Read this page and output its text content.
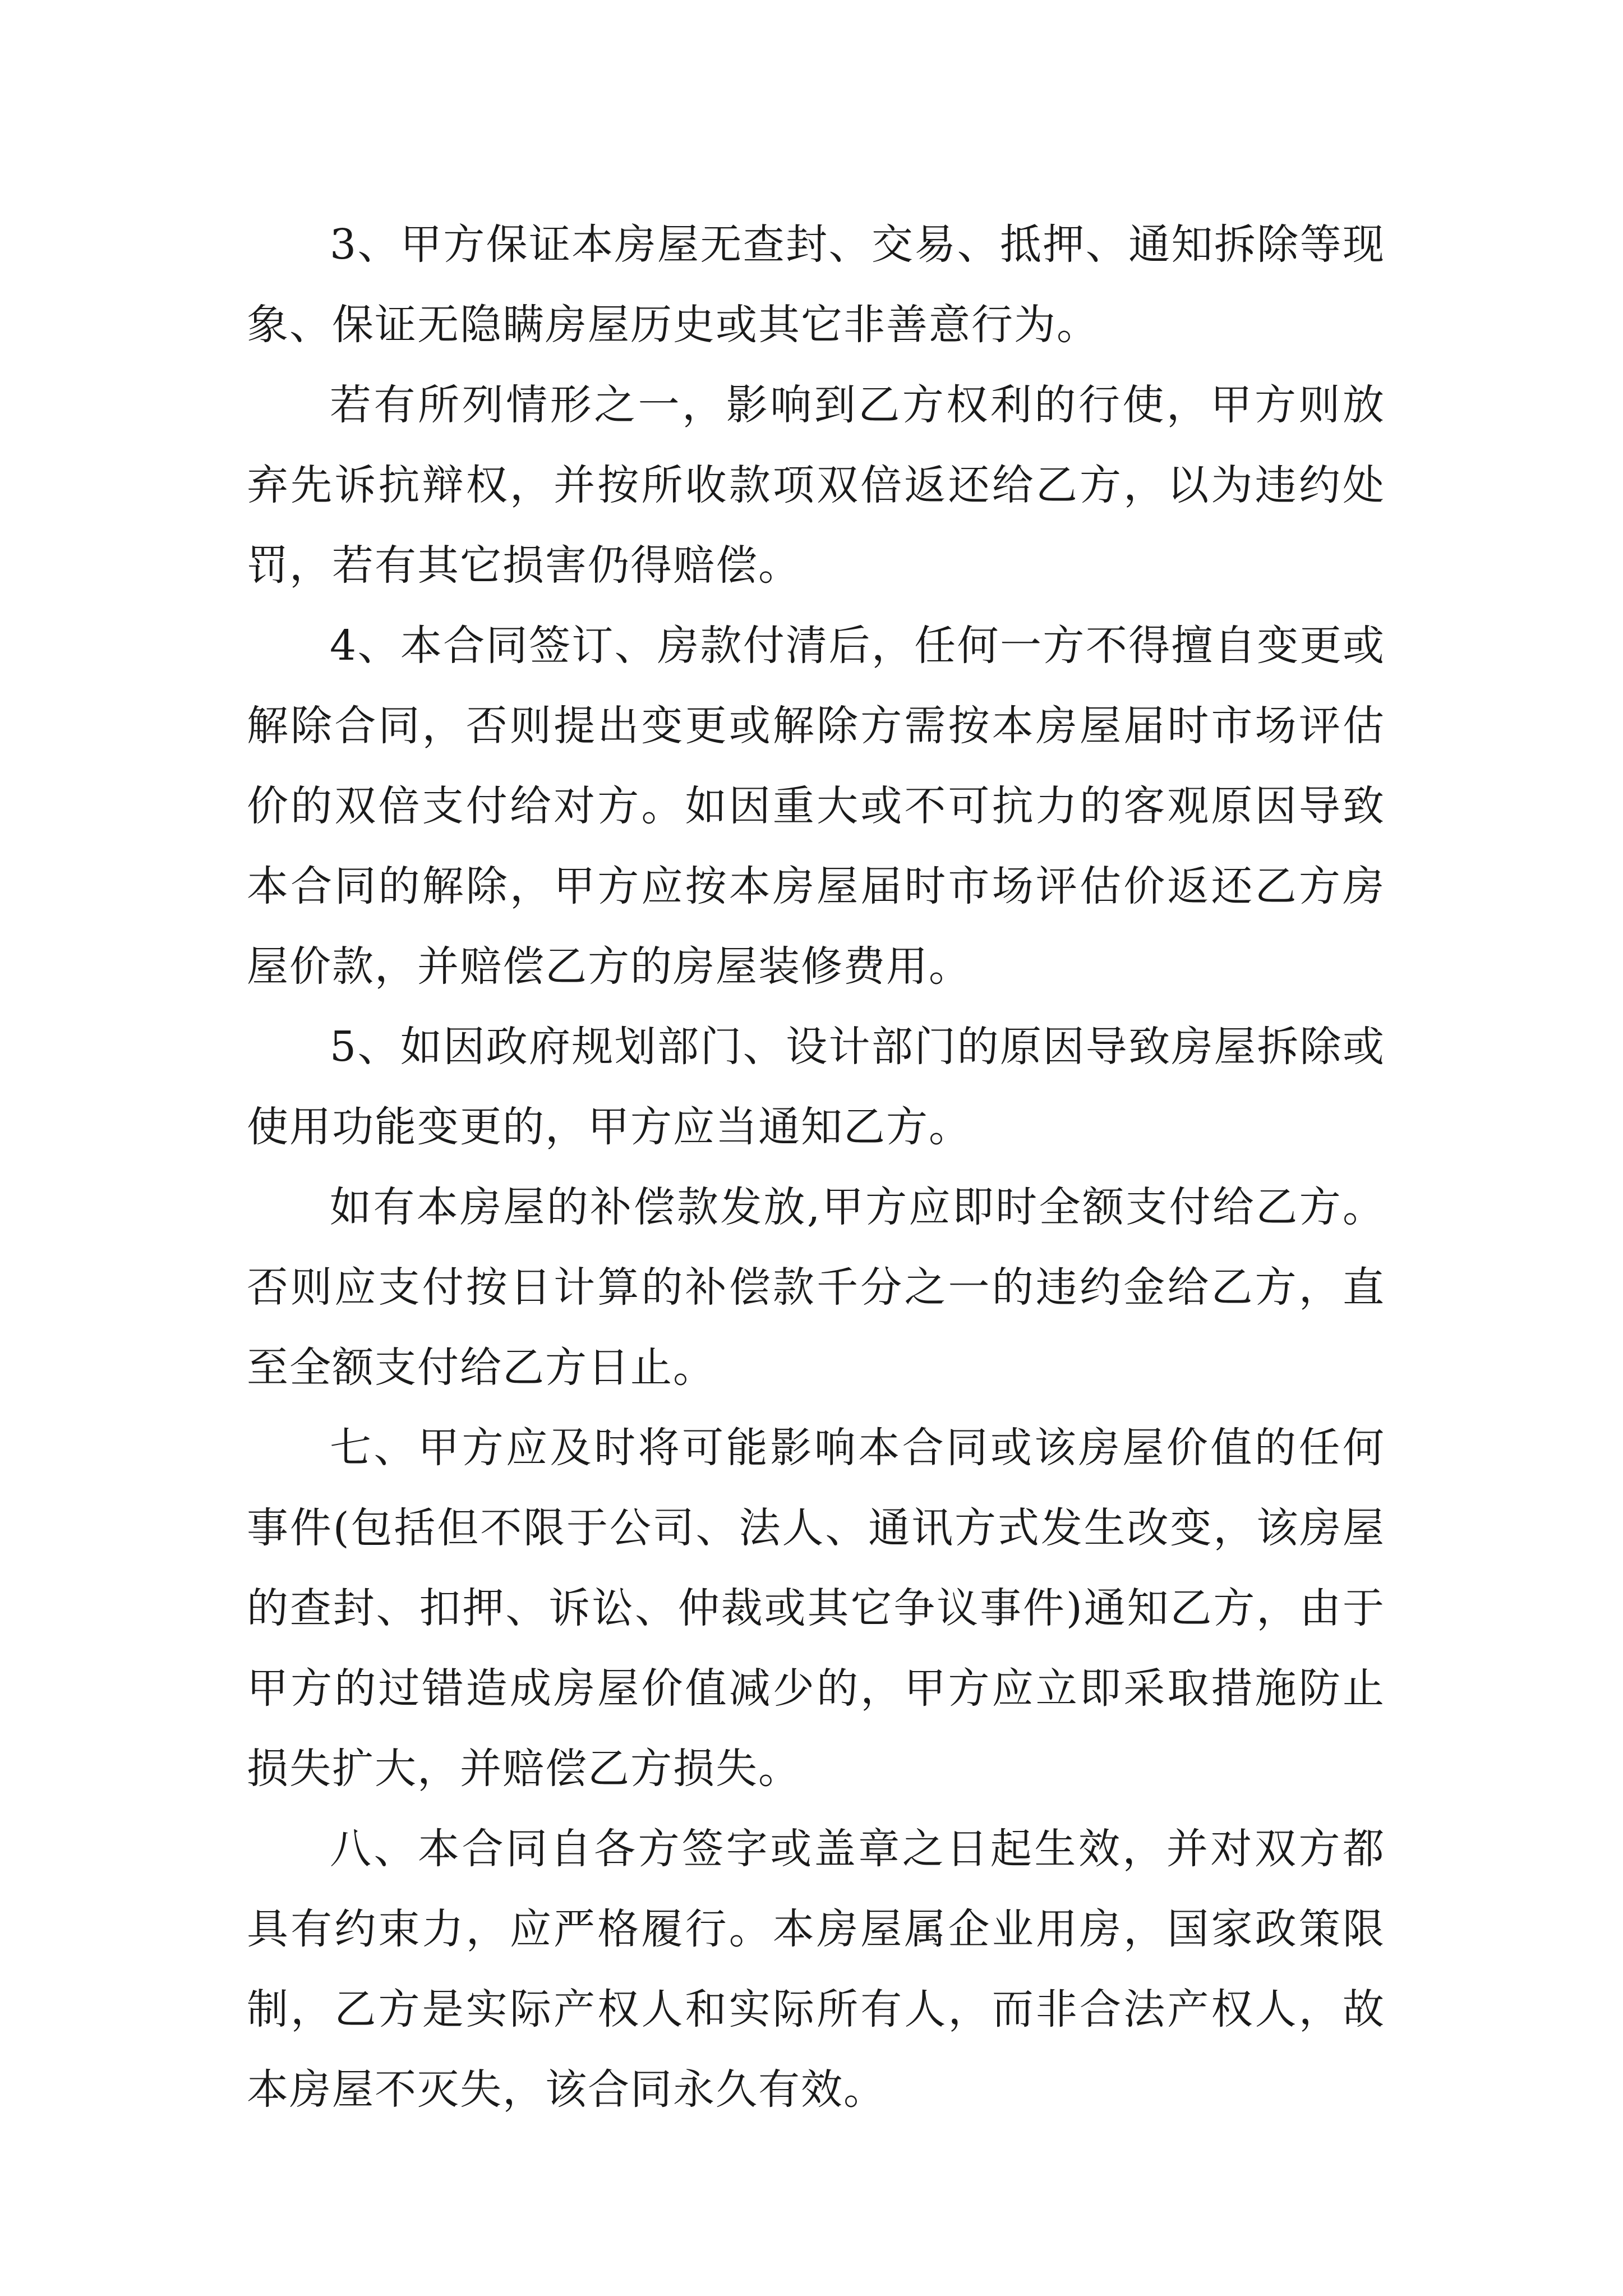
3、甲方保证本房屋无查封、交易、抵押、通知拆除等现象、保证无隐瞒房屋历史或其它非善意行为。

若有所列情形之一，影响到乙方权利的行使，甲方则放弃先诉抗辩权，并按所收款项双倍返还给乙方，以为违约处罚，若有其它损害仍得赔偿。

4、本合同签订、房款付清后，任何一方不得擅自变更或解除合同，否则提出变更或解除方需按本房屋届时市场评估价的双倍支付给对方。如因重大或不可抗力的客观原因导致本合同的解除，甲方应按本房屋届时市场评估价返还乙方房屋价款，并赔偿乙方的房屋装修费用。

5、如因政府规划部门、设计部门的原因导致房屋拆除或使用功能变更的，甲方应当通知乙方。

如有本房屋的补偿款发放,甲方应即时全额支付给乙方。否则应支付按日计算的补偿款千分之一的违约金给乙方，直至全额支付给乙方日止。

七、甲方应及时将可能影响本合同或该房屋价值的任何事件(包括但不限于公司、法人、通讯方式发生改变，该房屋的查封、扣押、诉讼、仲裁或其它争议事件)通知乙方，由于甲方的过错造成房屋价值减少的，甲方应立即采取措施防止损失扩大，并赔偿乙方损失。

八、本合同自各方签字或盖章之日起生效，并对双方都具有约束力，应严格履行。本房屋属企业用房，国家政策限制，乙方是实际产权人和实际所有人，而非合法产权人，故本房屋不灭失，该合同永久有效。
